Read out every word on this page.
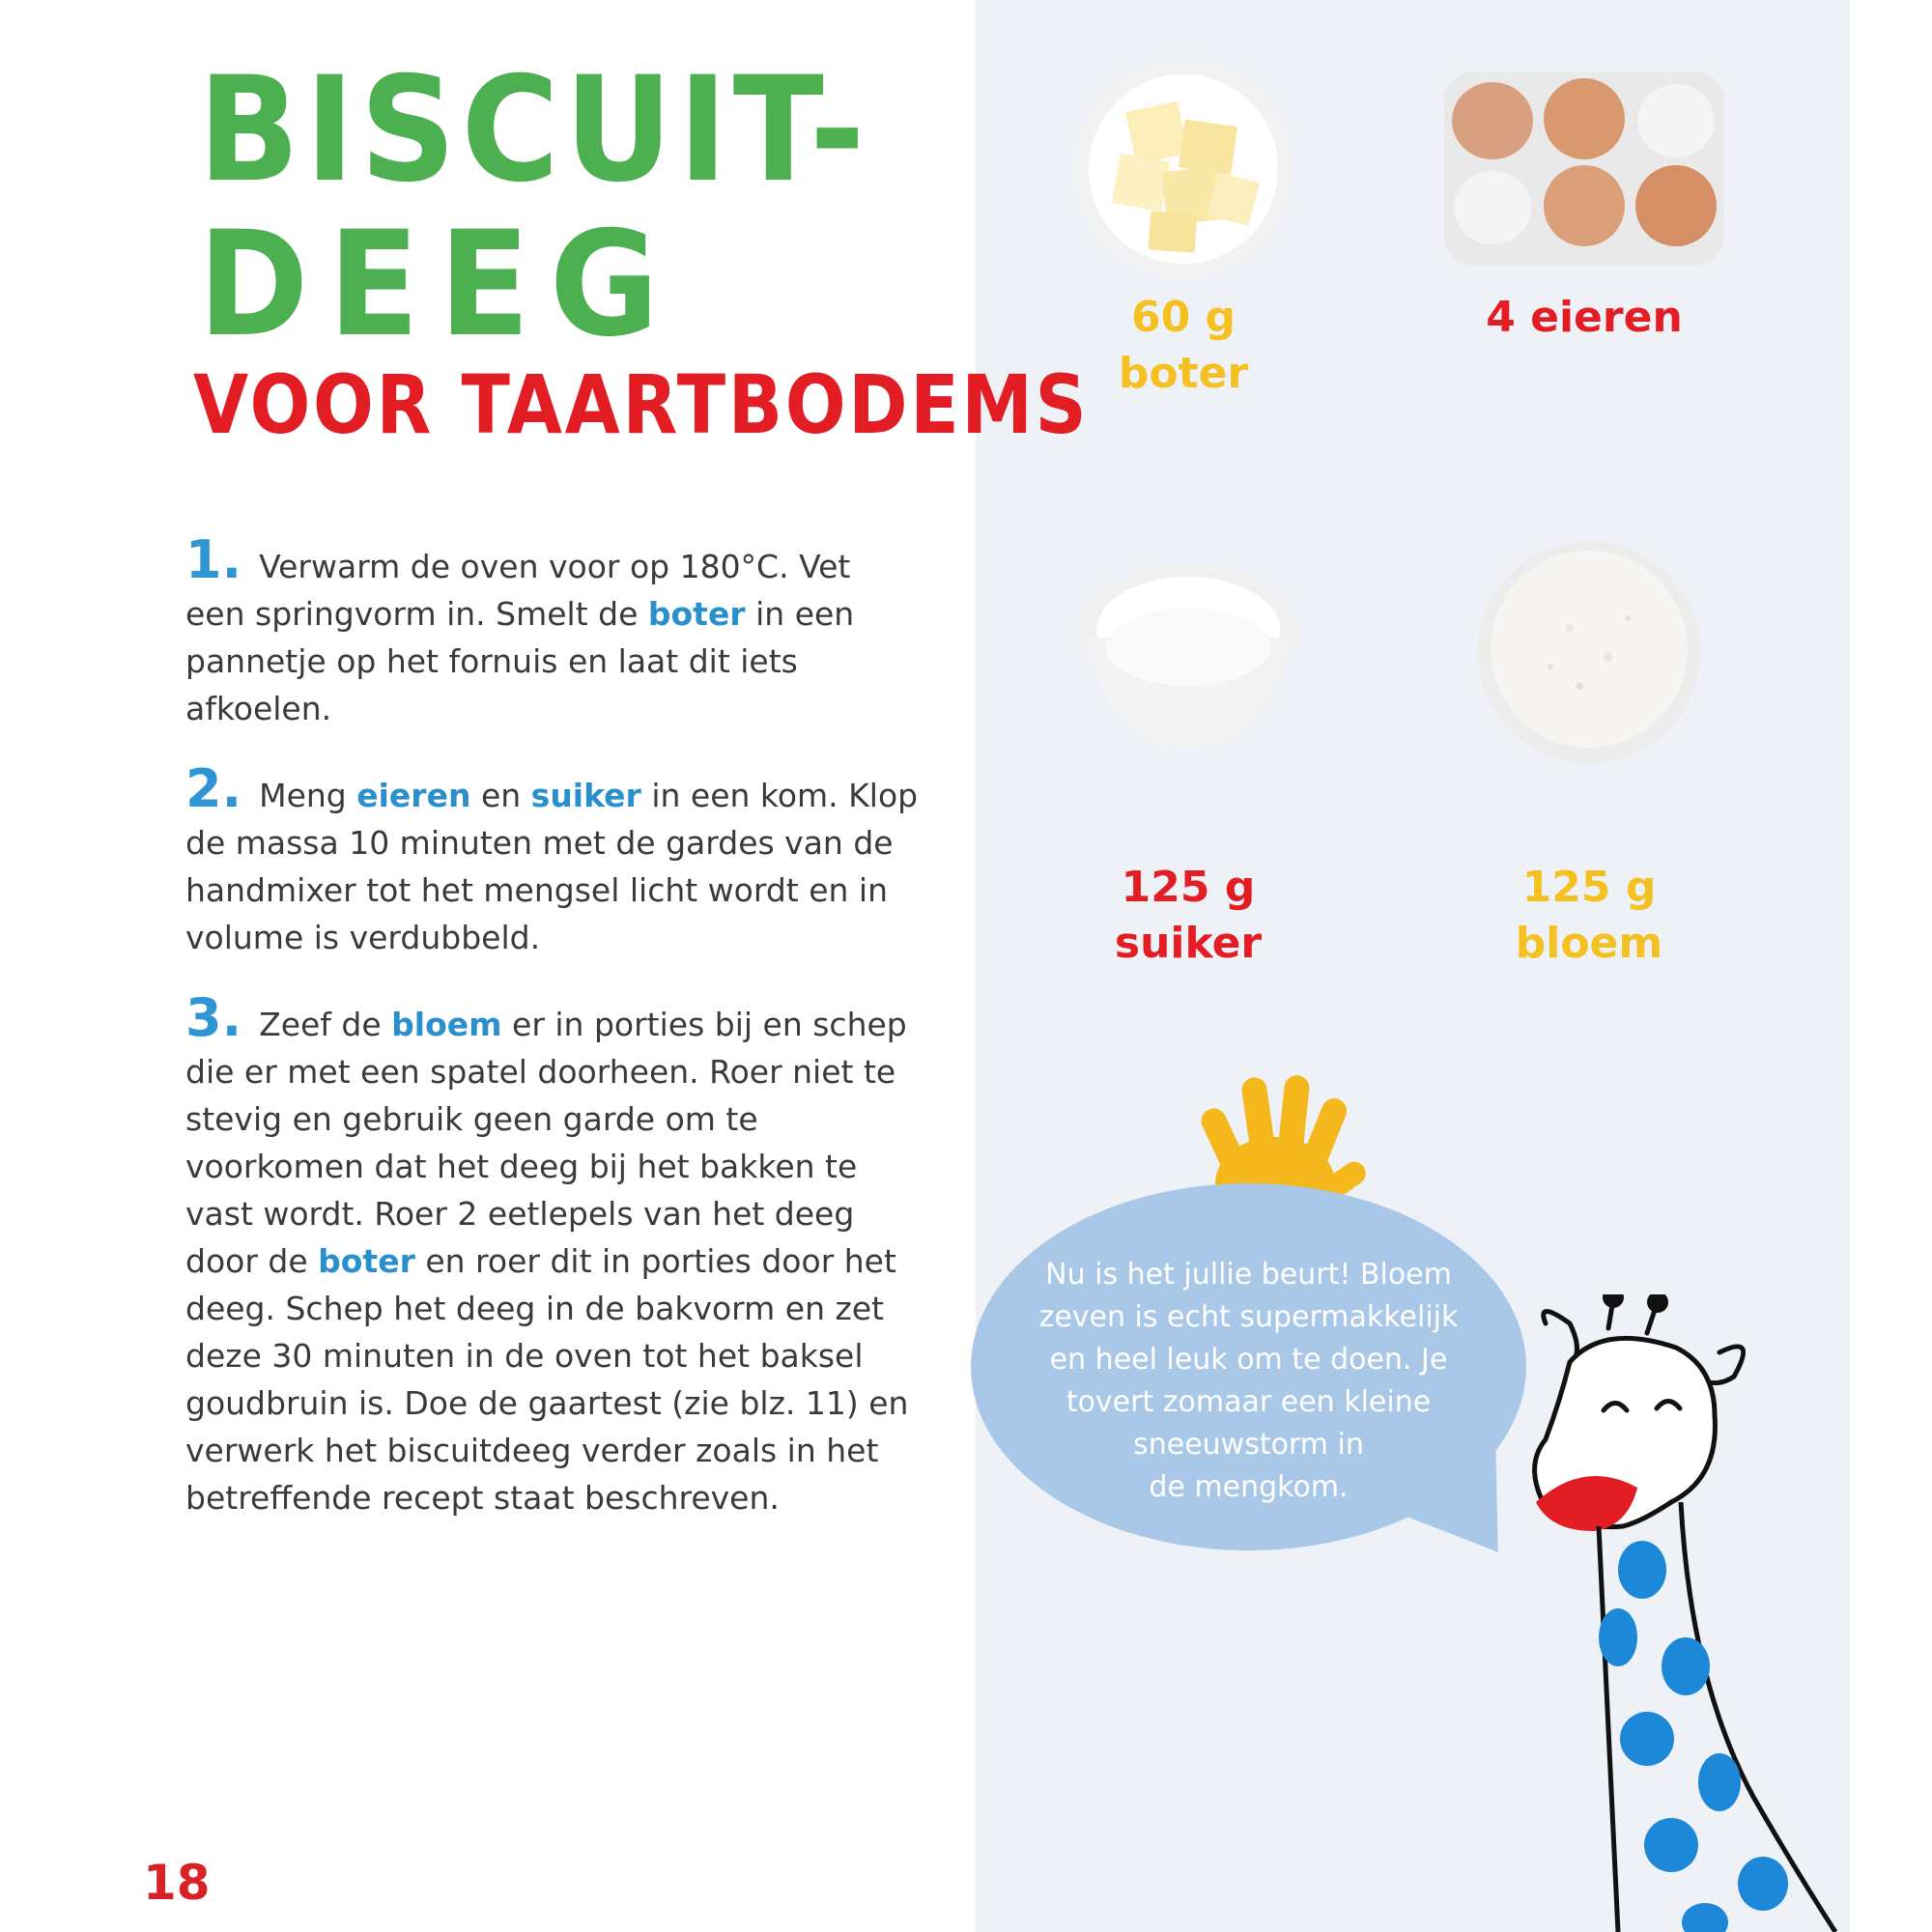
BISCUIT-
DEEG
VOOR TAARTBODEMS

1. Verwarm de oven voor op 180°C. Vet een springvorm in. Smelt de boter in een pannetje op het fornuis en laat dit iets afkoelen.

2. Meng eieren en suiker in een kom. Klop de massa 10 minuten met de gardes van de handmixer tot het mengsel licht wordt en in volume is verdubbeld.

3. Zeef de bloem er in porties bij en schep die er met een spatel doorheen. Roer niet te stevig en gebruik geen garde om te voorkomen dat het deeg bij het bakken te vast wordt. Roer 2 eetlepels van het deeg door de boter en roer dit in porties door het deeg. Schep het deeg in de bakvorm en zet deze 30 minuten in de oven tot het baksel goudbruin is. Doe de gaartest (zie blz. 11) en verwerk het biscuitdeeg verder zoals in het betreffende recept staat beschreven.

18

60 g
boter
4 eieren
125 g
suiker
125 g
bloem

Nu is het jullie beurt! Bloem
zeven is echt supermakkelijk
en heel leuk om te doen. Je
tovert zomaar een kleine
sneeuwstorm in
de mengkom.
